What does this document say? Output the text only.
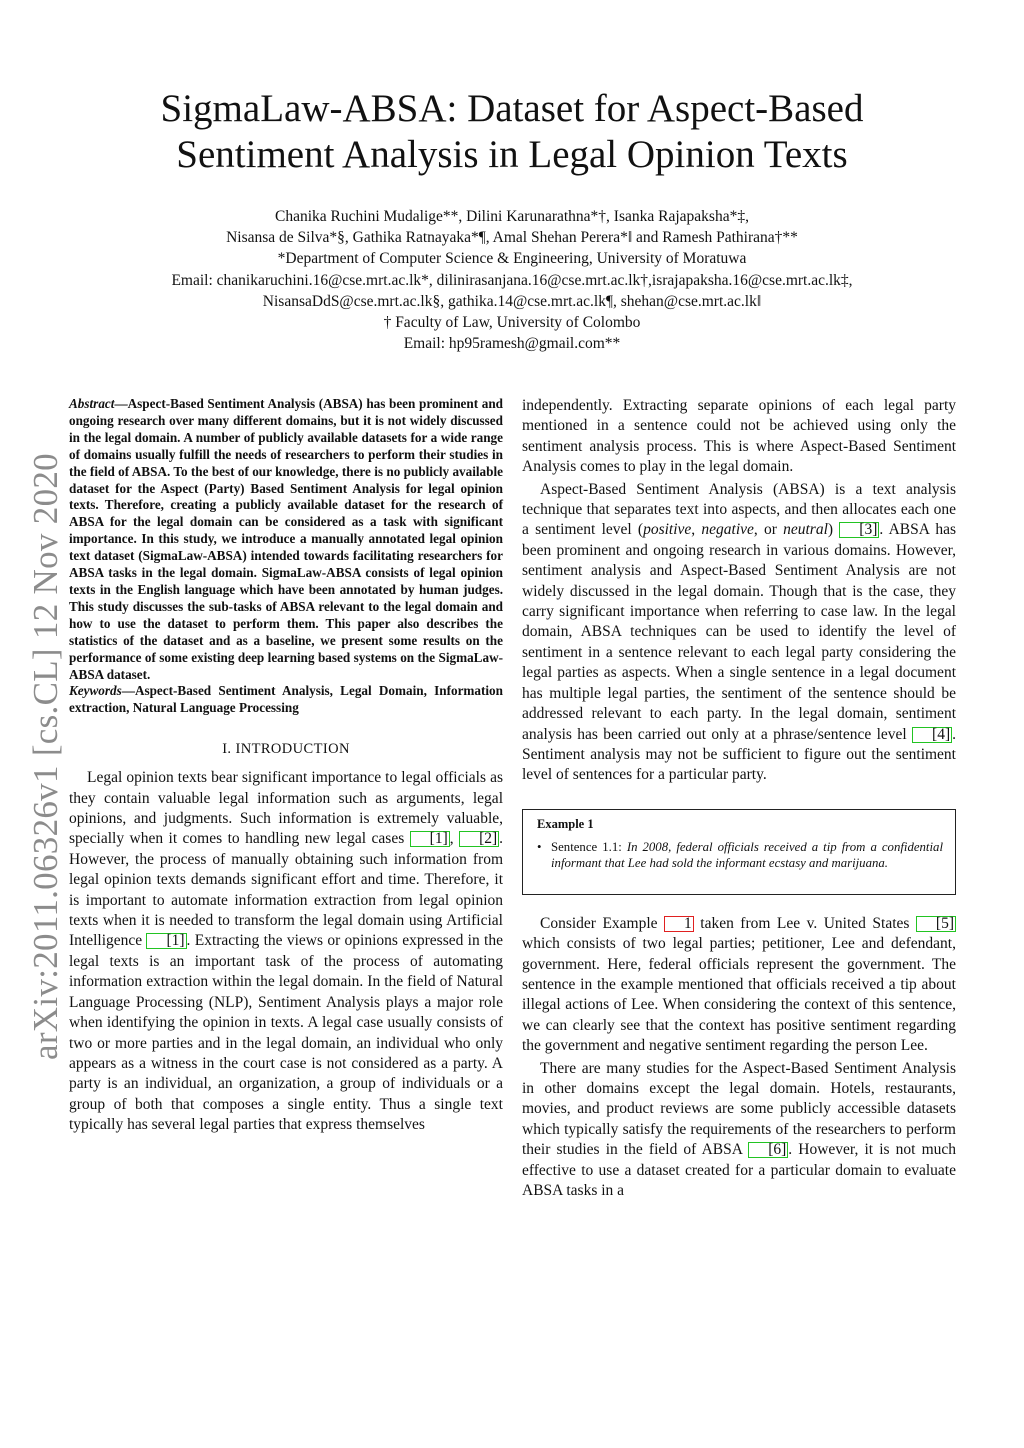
arXiv:2011.06326v1 [cs.CL] 12 Nov 2020
SigmaLaw-ABSA: Dataset for Aspect-Based
Sentiment Analysis in Legal Opinion Texts
Chanika Ruchini Mudalige**, Dilini Karunarathna*†, Isanka Rajapaksha*‡,
Nisansa de Silva*§, Gathika Ratnayaka*¶, Amal Shehan Perera*‖ and Ramesh Pathirana†**
*Department of Computer Science & Engineering, University of Moratuwa
Email: chanikaruchini.16@cse.mrt.ac.lk*, dilinirasanjana.16@cse.mrt.ac.lk†,israjapaksha.16@cse.mrt.ac.lk‡,
NisansaDdS@cse.mrt.ac.lk§, gathika.14@cse.mrt.ac.lk¶, shehan@cse.mrt.ac.lk‖
† Faculty of Law, University of Colombo
Email: hp95ramesh@gmail.com**

Abstract—Aspect-Based Sentiment Analysis (ABSA) has been prominent and ongoing research over many different domains, but it is not widely discussed in the legal domain. A number of publicly available datasets for a wide range of domains usually fulfill the needs of researchers to perform their studies in the field of ABSA. To the best of our knowledge, there is no publicly available dataset for the Aspect (Party) Based Sentiment Analysis for legal opinion texts. Therefore, creating a publicly available dataset for the research of ABSA for the legal domain can be considered as a task with significant importance. In this study, we introduce a manually annotated legal opinion text dataset (SigmaLaw-ABSA) intended towards facilitating researchers for ABSA tasks in the legal domain. SigmaLaw-ABSA consists of legal opinion texts in the English language which have been annotated by human judges. This study discusses the sub-tasks of ABSA relevant to the legal domain and how to use the dataset to perform them. This paper also describes the statistics of the dataset and as a baseline, we present some results on the performance of some existing deep learning based systems on the SigmaLaw-ABSA dataset.

Keywords—Aspect-Based Sentiment Analysis, Legal Domain, Information extraction, Natural Language Processing

I. INTRODUCTION

Legal opinion texts bear significant importance to legal officials as they contain valuable legal information such as arguments, legal opinions, and judgments. Such information is extremely valuable, specially when it comes to handling new legal cases [1] , [2] . However, the process of manually obtaining such information from legal opinion texts demands significant effort and time. Therefore, it is important to automate information extraction from legal opinion texts when it is needed to transform the legal domain using Artificial Intelligence [1] . Extracting the views or opinions expressed in the legal texts is an important task of the process of automating information extraction within the legal domain. In the field of Natural Language Processing (NLP), Sentiment Analysis plays a major role when identifying the opinion in texts. A legal case usually consists of two or more parties and in the legal domain, an individual who only appears as a witness in the court case is not considered as a party. A party is an individual, an organization, a group of individuals or a group of both that composes a single entity. Thus a single text typically has several legal parties that express themselves

independently. Extracting separate opinions of each legal party mentioned in a sentence could not be achieved using only the sentiment analysis process. This is where Aspect-Based Sentiment Analysis comes to play in the legal domain.

Aspect-Based Sentiment Analysis (ABSA) is a text analysis technique that separates text into aspects, and then allocates each one a sentiment level (positive, negative, or neutral) [3] . ABSA has been prominent and ongoing research in various domains. However, sentiment analysis and Aspect-Based Sentiment Analysis are not widely discussed in the legal domain. Though that is the case, they carry significant importance when referring to case law. In the legal domain, ABSA techniques can be used to identify the level of sentiment in a sentence relevant to each legal party considering the legal parties as aspects. When a single sentence in a legal document has multiple legal parties, the sentiment of the sentence should be addressed relevant to each party. In the legal domain, sentiment analysis has been carried out only at a phrase/sentence level [4] . Sentiment analysis may not be sufficient to figure out the sentiment level of sentences for a particular party.

Example 1

• Sentence 1.1: In 2008, federal officials received a tip from a confidential informant that Lee had sold the informant ecstasy and marijuana.

Consider Example 1 taken from Lee v. United States [5] which consists of two legal parties; petitioner, Lee and defendant, government. Here, federal officials represent the government. The sentence in the example mentioned that officials received a tip about illegal actions of Lee. When considering the context of this sentence, we can clearly see that the context has positive sentiment regarding the government and negative sentiment regarding the person Lee.

There are many studies for the Aspect-Based Sentiment Analysis in other domains except the legal domain. Hotels, restaurants, movies, and product reviews are some publicly accessible datasets which typically satisfy the requirements of the researchers to perform their studies in the field of ABSA [6] . However, it is not much effective to use a dataset created for a particular domain to evaluate ABSA tasks in a
